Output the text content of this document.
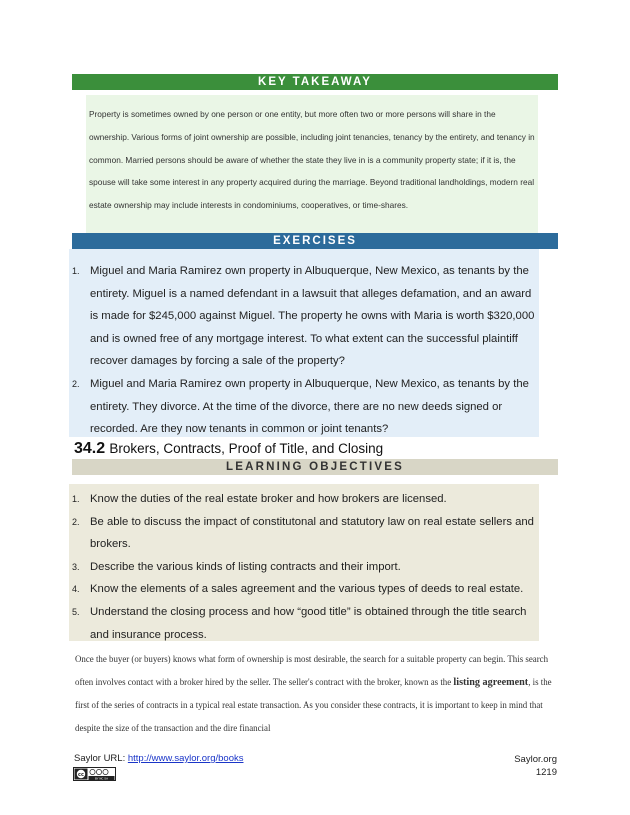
KEY TAKEAWAY

Property is sometimes owned by one person or one entity, but more often two or more persons will share in the ownership. Various forms of joint ownership are possible, including joint tenancies, tenancy by the entirety, and tenancy in common. Married persons should be aware of whether the state they live in is a community property state; if it is, the spouse will take some interest in any property acquired during the marriage. Beyond traditional landholdings, modern real estate ownership may include interests in condominiums, cooperatives, or time-shares.

EXERCISES
1. Miguel and Maria Ramirez own property in Albuquerque, New Mexico, as tenants by the entirety. Miguel is a named defendant in a lawsuit that alleges defamation, and an award is made for $245,000 against Miguel. The property he owns with Maria is worth $320,000 and is owned free of any mortgage interest. To what extent can the successful plaintiff recover damages by forcing a sale of the property?
2. Miguel and Maria Ramirez own property in Albuquerque, New Mexico, as tenants by the entirety. They divorce. At the time of the divorce, there are no new deeds signed or recorded. Are they now tenants in common or joint tenants?
34.2 Brokers, Contracts, Proof of Title, and Closing
LEARNING OBJECTIVES
1. Know the duties of the real estate broker and how brokers are licensed.
2. Be able to discuss the impact of constitutonal and statutory law on real estate sellers and brokers.
3. Describe the various kinds of listing contracts and their import.
4. Know the elements of a sales agreement and the various types of deeds to real estate.
5. Understand the closing process and how “good title” is obtained through the title search and insurance process.
Once the buyer (or buyers) knows what form of ownership is most desirable, the search for a suitable property can begin. This search often involves contact with a broker hired by the seller. The seller's contract with the broker, known as the listing agreement, is the first of the series of contracts in a typical real estate transaction. As you consider these contracts, it is important to keep in mind that despite the size of the transaction and the dire financial
Saylor URL: http://www.saylor.org/books
cc
BY NC SA
Saylor.org
1219
